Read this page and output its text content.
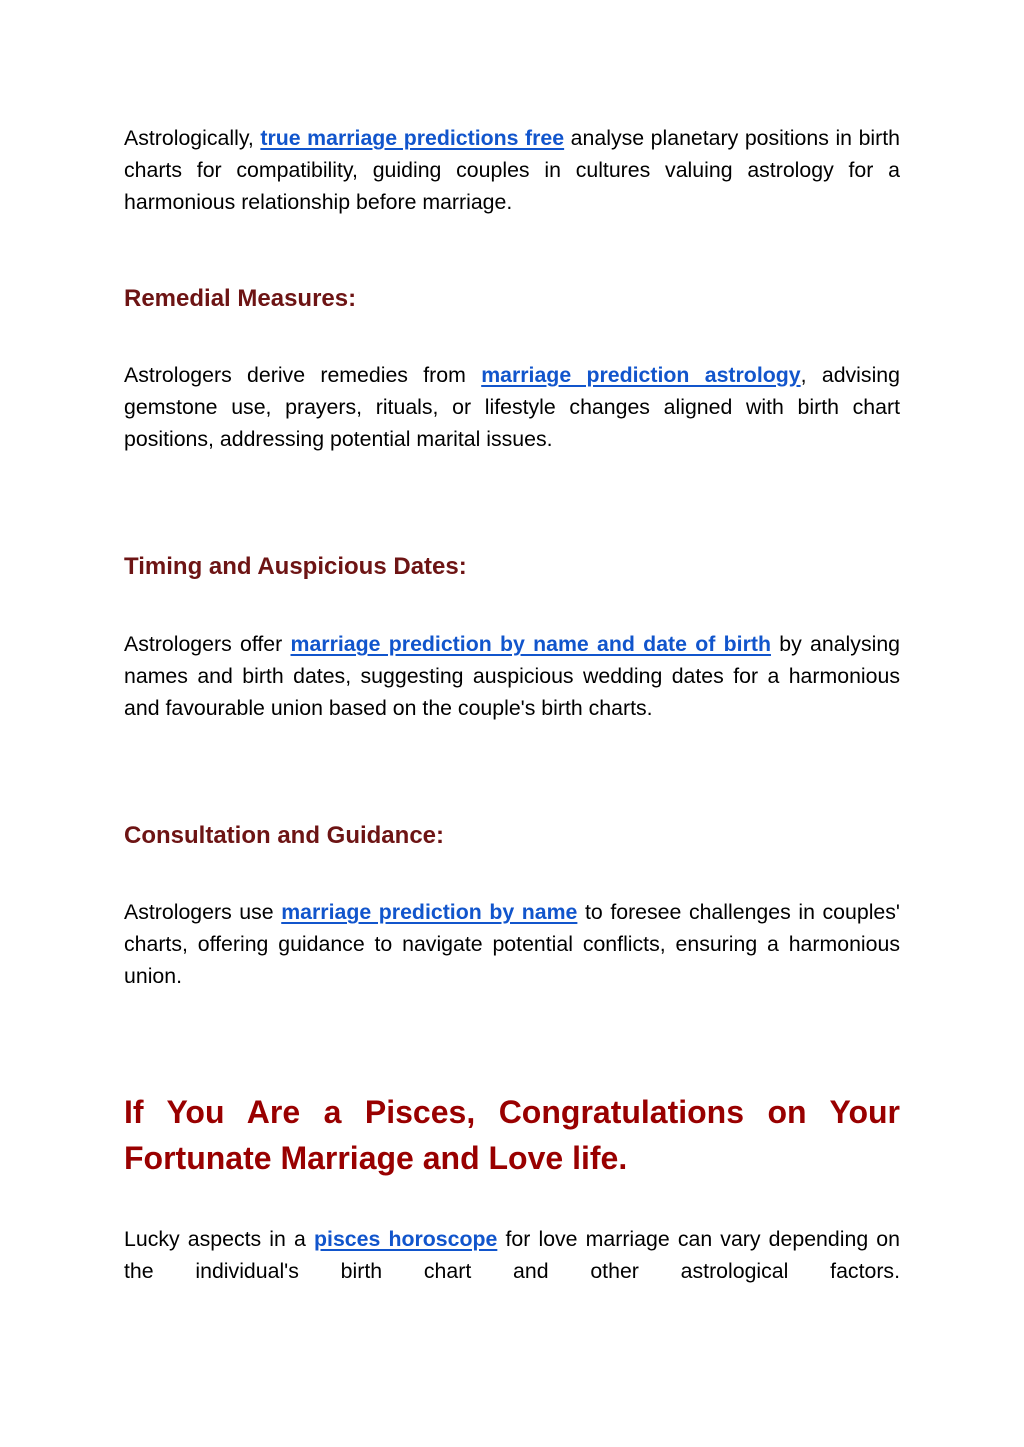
Astrologically, true marriage predictions free analyse planetary positions in birth charts for compatibility, guiding couples in cultures valuing astrology for a harmonious relationship before marriage.

Remedial Measures:

Astrologers derive remedies from marriage prediction astrology, advising gemstone use, prayers, rituals, or lifestyle changes aligned with birth chart positions, addressing potential marital issues.

Timing and Auspicious Dates:

Astrologers offer marriage prediction by name and date of birth by analysing names and birth dates, suggesting auspicious wedding dates for a harmonious and favourable union based on the couple's birth charts.

Consultation and Guidance:

Astrologers use marriage prediction by name to foresee challenges in couples' charts, offering guidance to navigate potential conflicts, ensuring a harmonious union.

If You Are a Pisces, Congratulations on Your Fortunate Marriage and Love life.

Lucky aspects in a pisces horoscope for love marriage can vary depending on the individual's birth chart and other astrological factors.
